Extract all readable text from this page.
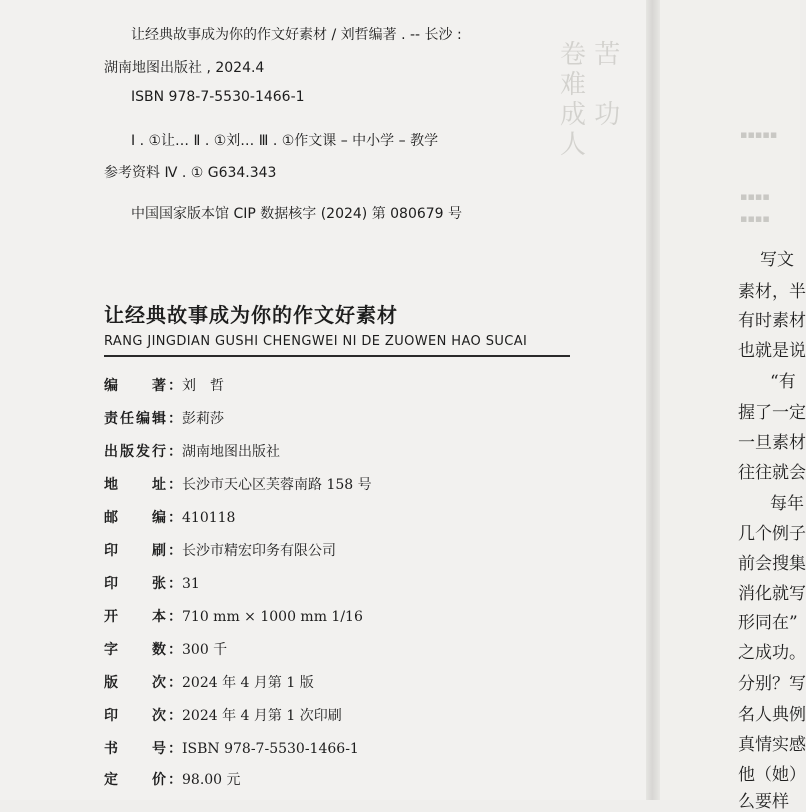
卷 苦 难
成 功 人
让经典故事成为你的作文好素材 / 刘哲编著 . -- 长沙 :
湖南地图出版社 , 2024.4
ISBN 978-7-5530-1466-1
Ⅰ . ①让… Ⅱ . ①刘… Ⅲ . ①作文课 – 中小学 – 教学
参考资料 Ⅳ . ① G634.343
中国国家版本馆 CIP 数据核字 (2024) 第 080679 号
让经典故事成为你的作文好素材
RANG JINGDIAN GUSHI CHENGWEI NI DE ZUOWEN HAO SUCAI
编　　著：刘　哲
责任编辑：彭莉莎
出版发行：湖南地图出版社
地　　址：长沙市天心区芙蓉南路 158 号
邮　　编：410118
印　　刷：长沙市精宏印务有限公司
印　　张：31
开　　本：710 mm × 1000 mm 1/16
字　　数：300 千
版　　次：2024 年 4 月第 1 版
印　　次：2024 年 4 月第 1 次印刷
书　　号：ISBN 978-7-5530-1466-1
定　　价：98.00 元
▪▪▪▪▪
▪▪▪▪
▪▪▪▪
写文
素材，半
有时素材
也就是说
“有
握了一定
一旦素材
往往就会
每年
几个例子
前会搜集
消化就写
形同在”
之成功。
分别？写
名人典例
真情实感
他（她）
么要样
